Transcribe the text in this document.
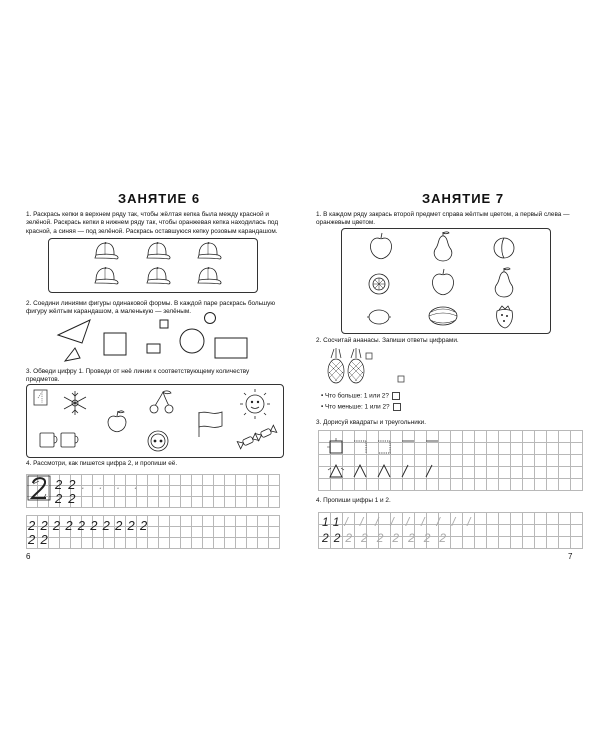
ЗАНЯТИЕ 6
1. Раскрась кепки в верхнем ряду так, чтобы жёлтая кепка была между красной и зелёной. Раскрась кепки в нижнем ряду так, чтобы оранжевая кепка находилась под красной, а синяя — под зелёной. Раскрась оставшуюся кепку розовым карандашом.
2. Соедини линиями фигуры одинаковой формы. В каждой паре раскрась большую фигуру жёлтым карандашом, а маленькую — зелёным.
3. Обведи цифру 1. Проведи от неё линии к соответствующему количеству предметов.
4. Рассмотри, как пишется цифра 2, и пропиши её.
22....
22
2222222222
22
6
ЗАНЯТИЕ 7
1. В каждом ряду закрась второй предмет справа жёлтым цветом, а первый слева — оранжевым цветом.
2. Сосчитай ананасы. Запиши ответы цифрами.
• Что больше: 1 или 2?
• Что меньше: 1 или 2?
3. Дорисуй квадраты и треугольники.
4. Пропиши цифры 1 и 2.
11/////////
222222222
7
